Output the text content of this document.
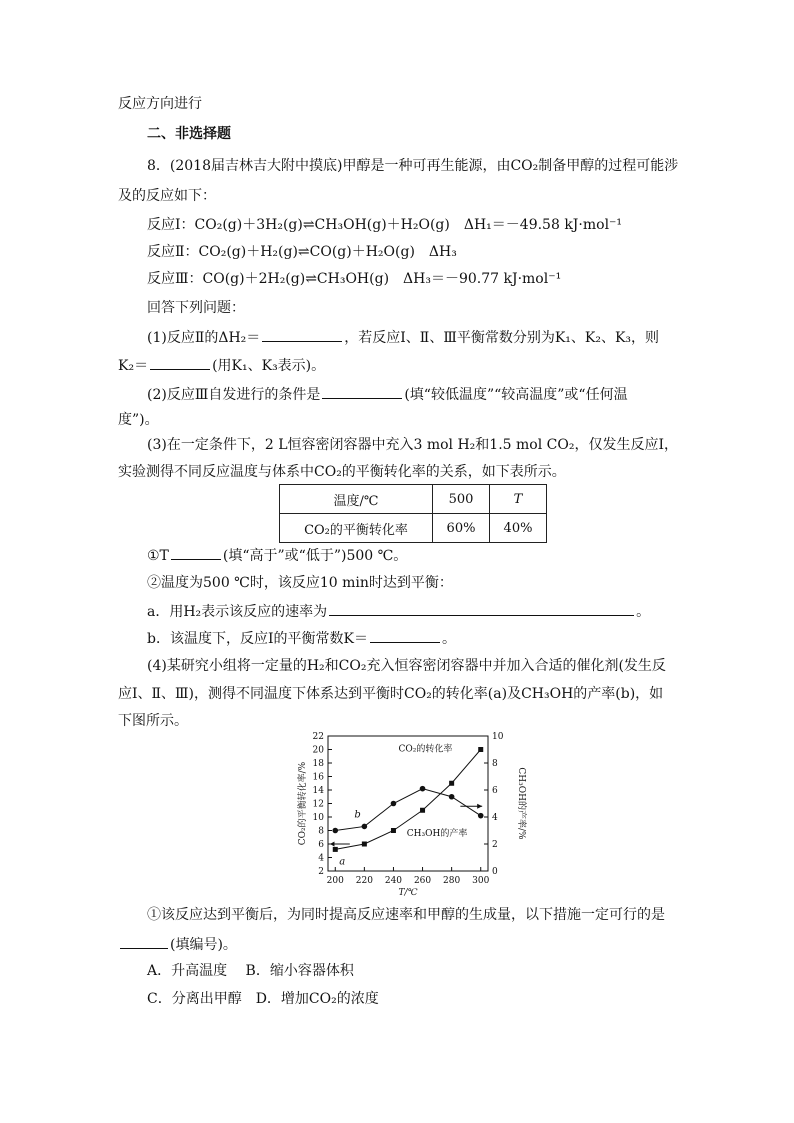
反应方向进行
二、非选择题
8．(2018届吉林吉大附中摸底)甲醇是一种可再生能源，由CO₂制备甲醇的过程可能涉
及的反应如下：
反应Ⅰ：CO₂(g)＋3H₂(g)⇌CH₃OH(g)＋H₂O(g)　ΔH₁＝－49.58 kJ·mol⁻¹
反应Ⅱ：CO₂(g)＋H₂(g)⇌CO(g)＋H₂O(g)　ΔH₃
反应Ⅲ：CO(g)＋2H₂(g)⇌CH₃OH(g)　ΔH₃＝－90.77 kJ·mol⁻¹
回答下列问题：
(1)反应Ⅱ的ΔH₂＝	，若反应Ⅰ、Ⅱ、Ⅲ平衡常数分别为K₁、K₂、K₃，则
K₂＝	(用K₁、K₃表示)。
(2)反应Ⅲ自发进行的条件是	(填“较低温度”“较高温度”或“任何温
度”)。
(3)在一定条件下，2 L恒容密闭容器中充入3 mol H₂和1.5 mol CO₂，仅发生反应Ⅰ，
实验测得不同反应温度与体系中CO₂的平衡转化率的关系，如下表所示。
温度/℃	500	T
CO₂的平衡转化率	60%	40%
①T	(填“高于”或“低于”)500 ℃。
②温度为500 ℃时，该反应10 min时达到平衡：
a．用H₂表示该反应的速率为	。
b．该温度下，反应Ⅰ的平衡常数K＝	。
(4)某研究小组将一定量的H₂和CO₂充入恒容密闭容器中并加入合适的催化剂(发生反
应Ⅰ、Ⅱ、Ⅲ)，测得不同温度下体系达到平衡时CO₂的转化率(a)及CH₃OH的产率(b)，如
下图所示。
2
4
6
8
10
12
14
16
18
20
22
0
2
4
6
8
10
200 220 240 260 280 300
T/℃
CO₂的平衡转化率/%	CH₃OH的产率/%
a
b
CO₂的转化率
CH₃OH的产率
①该反应达到平衡后，为同时提高反应速率和甲醇的生成量，以下措施一定可行的是
(填编号)。
A．升高温度　 B．缩小容器体积
C．分离出甲醇　D．增加CO₂的浓度
